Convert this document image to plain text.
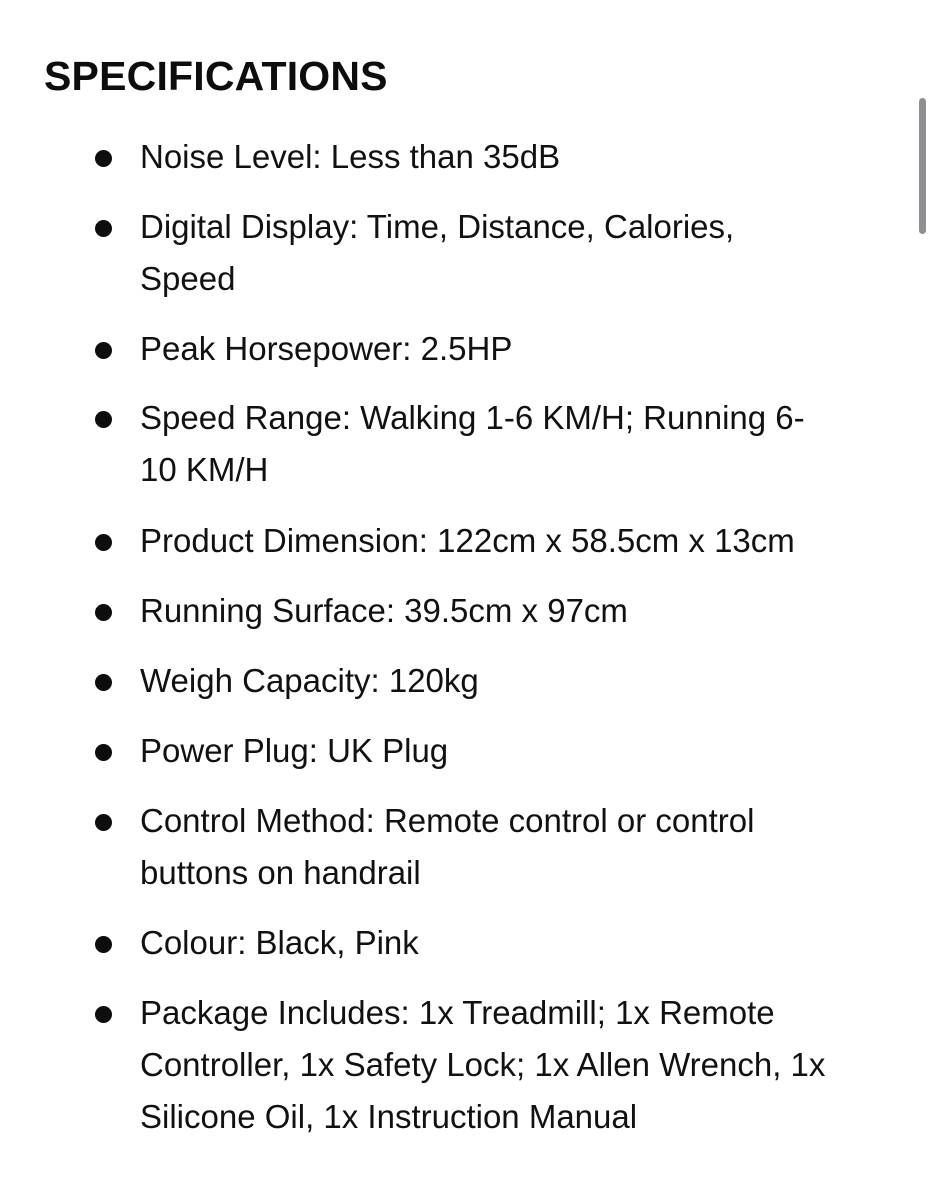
SPECIFICATIONS
Noise Level: Less than 35dB
Digital Display: Time, Distance, Calories,
Speed
Peak Horsepower: 2.5HP
Speed Range: Walking 1-6 KM/H; Running 6-
10 KM/H
Product Dimension: 122cm x 58.5cm x 13cm
Running Surface: 39.5cm x 97cm
Weigh Capacity: 120kg
Power Plug: UK Plug
Control Method: Remote control or control
buttons on handrail
Colour: Black, Pink
Package Includes: 1x Treadmill; 1x Remote
Controller, 1x Safety Lock; 1x Allen Wrench, 1x
Silicone Oil, 1x Instruction Manual
